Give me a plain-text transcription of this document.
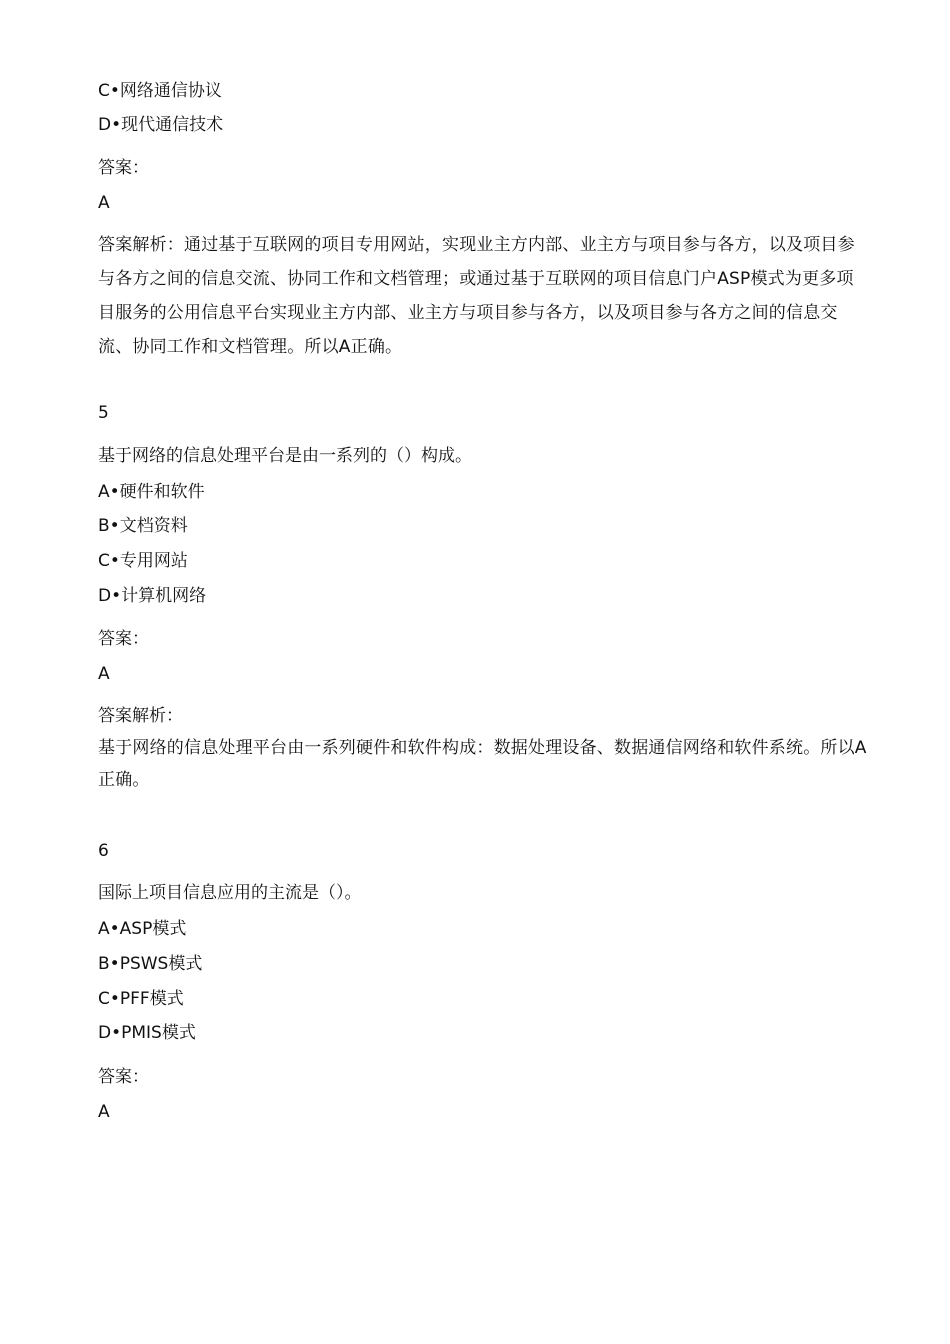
C•网络通信协议
D•现代通信技术
答案：
A
答案解析：通过基于互联网的项目专用网站，实现业主方内部、业主方与项目参与各方，以及项目参与各方之间的信息交流、协同工作和文档管理；或通过基于互联网的项目信息门户ASP模式为更多项目服务的公用信息平台实现业主方内部、业主方与项目参与各方，以及项目参与各方之间的信息交流、协同工作和文档管理。所以A正确。
5
基于网络的信息处理平台是由一系列的（）构成。
A•硬件和软件
B•文档资料
C•专用网站
D•计算机网络
答案：
A
答案解析：
基于网络的信息处理平台由一系列硬件和软件构成：数据处理设备、数据通信网络和软件系统。所以A正确。
6
国际上项目信息应用的主流是（）。
A•ASP模式
B•PSWS模式
C•PFF模式
D•PMIS模式
答案：
A
